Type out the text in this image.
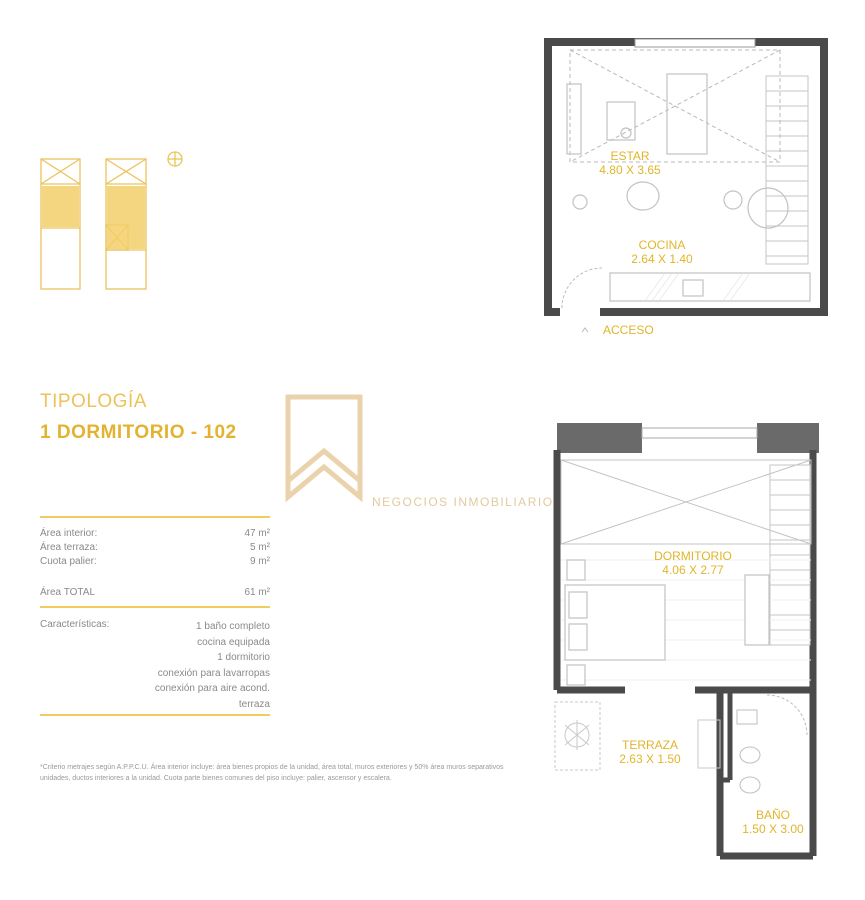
TIPOLOGÍA
1 DORMITORIO - 102
NEGOCIOS INMOBILIARIOS
Área interior:	47 m²
Área terraza:	5 m²
Cuota palier:	9 m²
Área TOTAL	61 m²
Características:	1 baño completo
cocina equipada
1 dormitorio
conexión para lavarropas
conexión para aire acond.
terraza
*Criterio metrajes según A.P.P.C.U. Área interior incluye: área bienes propios de la unidad, área total, muros exteriores y 50% área muros separativos unidades, ductos interiores a la unidad. Cuota parte bienes comunes del piso incluye: palier, ascensor y escalera.
ESTAR
4.80 X 3.65
COCINA
2.64 X 1.40
ACCESO
DORMITORIO
4.06 X 2.77
TERRAZA
2.63 X 1.50
BAÑO
1.50 X 3.00
